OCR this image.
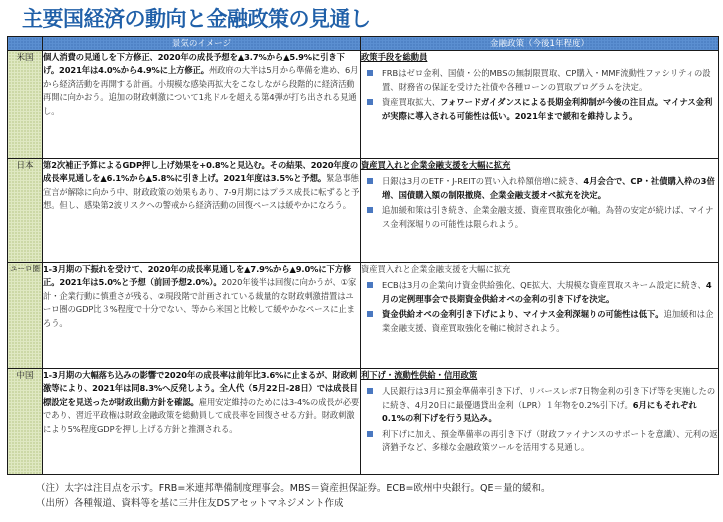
主要国経済の動向と金融政策の見通し
	景気のイメージ	金融政策（今後1年程度）
米国	個人消費の見通しを下方修正、2020年の成長予想を▲3.7%から▲5.9%に引き下げ。2021年は4.0%から4.9%に上方修正。州政府の大半は5月から準備を進め、6月から経済活動を再開する計画。小規模な感染再拡大をこなしながら段階的に経済活動再開に向かおう。追加の財政刺激について1兆ドルを超える第4弾が打ち出される見通し。	政策手段を総動員
FRBはゼロ金利、国債・公的MBSの無制限買取、CP購入・MMF流動性ファシリティの設置、財務省の保証を受けた社債や各種ローンの買取プログラムを決定。
資産買取拡大、フォワードガイダンスによる長期金利抑制が今後の注目点。マイナス金利が実際に導入される可能性は低い。2021年まで緩和を維持しよう。

日本	第2次補正予算によるGDP押し上げ効果を+0.8%と見込む。その結果、2020年度の成長率見通しを▲6.1%から▲5.8%に引き上げ。2021年度は3.5%と予想。緊急事態宣言が解除に向かう中、財政政策の効果もあり、7-9月期にはプラス成長に転ずると予想。但し、感染第2波リスクへの警戒から経済活動の回復ペースは緩やかになろう。	資産買入れと企業金融支援を大幅に拡充
日銀は3月のETF・J-REITの買い入れ枠額倍増に続き、4月会合で、CP・社債購入枠の3倍増、国債購入額の制限撤廃、企業金融支援オペ拡充を決定。
追加緩和策は引き続き、企業金融支援、資産買取強化が軸。為替の安定が続けば、マイナス金利深堀りの可能性は限られよう。

ユーロ圏	1-3月期の下振れを受けて、2020年の成長率見通しを▲7.9%から▲9.0%に下方修正。2021年は5.0%と予想（前回予想2.0%）。2020年後半は回復に向かうが、①家計・企業行動に慎重さが残る、②現段階で計画されている裁量的な財政刺激措置はユーロ圏のGDP比３%程度で十分でない、等から米国と比較して緩やかなペースに止まろう。	資産買入れと企業金融支援を大幅に拡充
ECBは3月の企業向け資金供給強化、QE拡大、大規模な資産買取スキーム設定に続き、4月の定例理事会で長期資金供給オペの金利の引き下げを決定。
資金供給オペの金利引き下げにより、マイナス金利深堀りの可能性は低下。追加緩和は企業金融支援、資産買取強化を軸に検討されよう。

中国	1-3月期の大幅落ち込みの影響で2020年の成長率は前年比3.6%に止まるが、財政刺激等により、2021年は同8.3%へ反発しよう。全人代（5月22日-28日）では成長目標設定を見送ったが財政出動方針を確認。雇用安定維持のためには3-4%の成長が必要であり、習近平政権は財政金融政策を総動員して成長率を回復させる方針。財政刺激により5%程度GDPを押し上げる方針と推測される。	利下げ・流動性供給・信用政策
人民銀行は3月に預金準備率引き下げ、リバースレポ7日物金利の引き下げ等を実施したのに続き、4月20日に最優遇貸出金利（LPR）１年物を0.2%引下げ。6月にもそれぞれ0.1%の利下げを行う見込み。
利下げに加え、預金準備率の再引き下げ（財政ファイナンスのサポートを意識）、元利の返済猶予など、多様な金融政策ツールを活用する見通し。
（注）太字は注目点を示す。FRB=米連邦準備制度理事会。MBS＝資産担保証券。ECB=欧州中央銀行。QE＝量的緩和。
（出所）各種報道、資料等を基に三井住友DSアセットマネジメント作成
